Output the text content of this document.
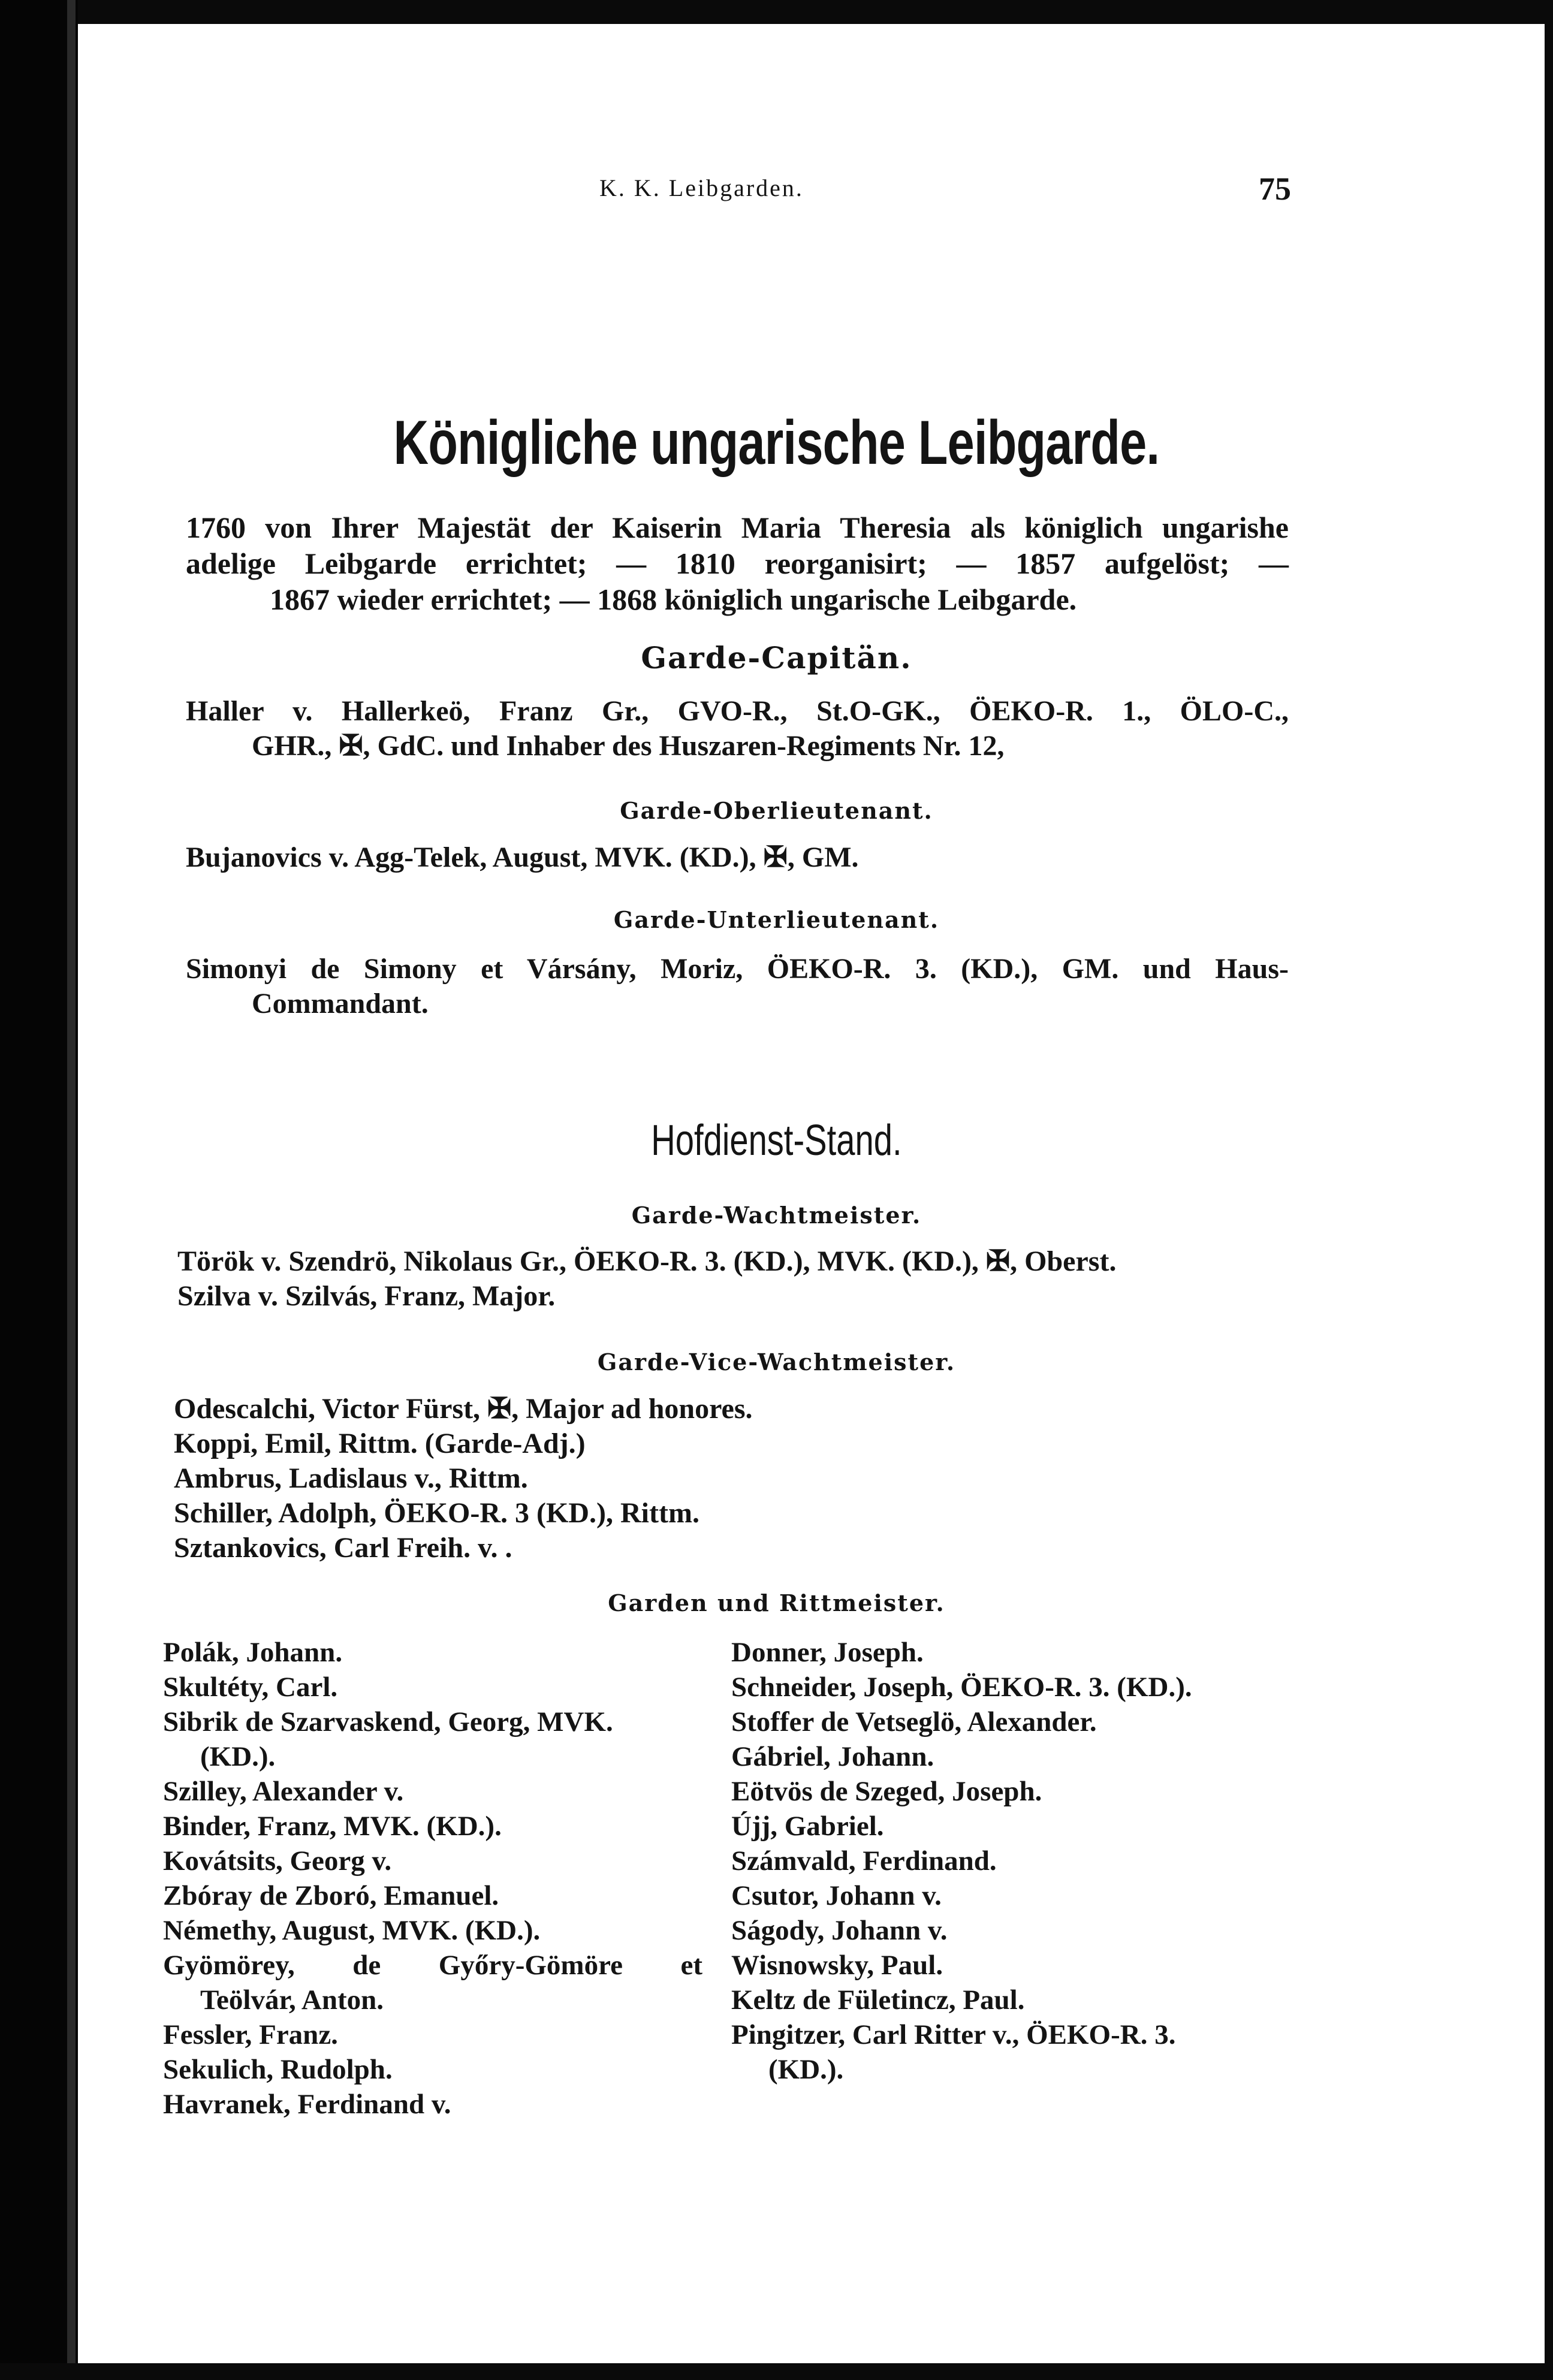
K. K. Leibgarden.	75
Königliche ungarische Leibgarde.
1760 von Ihrer Majestät der Kaiserin Maria Theresia als königlich ungarishe
adelige Leibgarde errichtet; — 1810 reorganisirt; — 1857 aufgelöst; —
1867 wieder errichtet; — 1868 königlich ungarische Leibgarde.
Garde-Capitän.
Haller v. Hallerkeö, Franz Gr., GVO-R., St.O-GK., ÖEKO-R. 1., ÖLO-C.,
GHR., ✠, GdC. und Inhaber des Huszaren-Regiments Nr. 12,
Garde-Oberlieutenant.
Bujanovics v. Agg-Telek, August, MVK. (KD.), ✠, GM.
Garde-Unterlieutenant.
Simonyi de Simony et Vársány, Moriz, ÖEKO-R. 3. (KD.), GM. und Haus-
Commandant.
Hofdienst-Stand.
Garde-Wachtmeister.
Török v. Szendrö, Nikolaus Gr., ÖEKO-R. 3. (KD.), MVK. (KD.), ✠, Oberst.
Szilva v. Szilvás, Franz, Major.
Garde-Vice-Wachtmeister.
Odescalchi, Victor Fürst, ✠, Major ad honores.
Koppi, Emil, Rittm. (Garde-Adj.)
Ambrus, Ladislaus v., Rittm.
Schiller, Adolph, ÖEKO-R. 3 (KD.), Rittm.
Sztankovics, Carl Freih. v. .
Garden und Rittmeister.
Polák, Johann.
Skultéty, Carl.
Sibrik de Szarvaskend, Georg, MVK.
(KD.).
Szilley, Alexander v.
Binder, Franz, MVK. (KD.).
Kovátsits, Georg v.
Zbóray de Zboró, Emanuel.
Némethy, August, MVK. (KD.).
Gyömörey, de Győry-Gömöre et
Teölvár, Anton.
Fessler, Franz.
Sekulich, Rudolph.
Havranek, Ferdinand v.
Donner, Joseph.
Schneider, Joseph, ÖEKO-R. 3. (KD.).
Stoffer de Vetseglö, Alexander.
Gábriel, Johann.
Eötvös de Szeged, Joseph.
Újj, Gabriel.
Számvald, Ferdinand.
Csutor, Johann v.
Ságody, Johann v.
Wisnowsky, Paul.
Keltz de Fületincz, Paul.
Pingitzer, Carl Ritter v., ÖEKO-R. 3.
(KD.).
